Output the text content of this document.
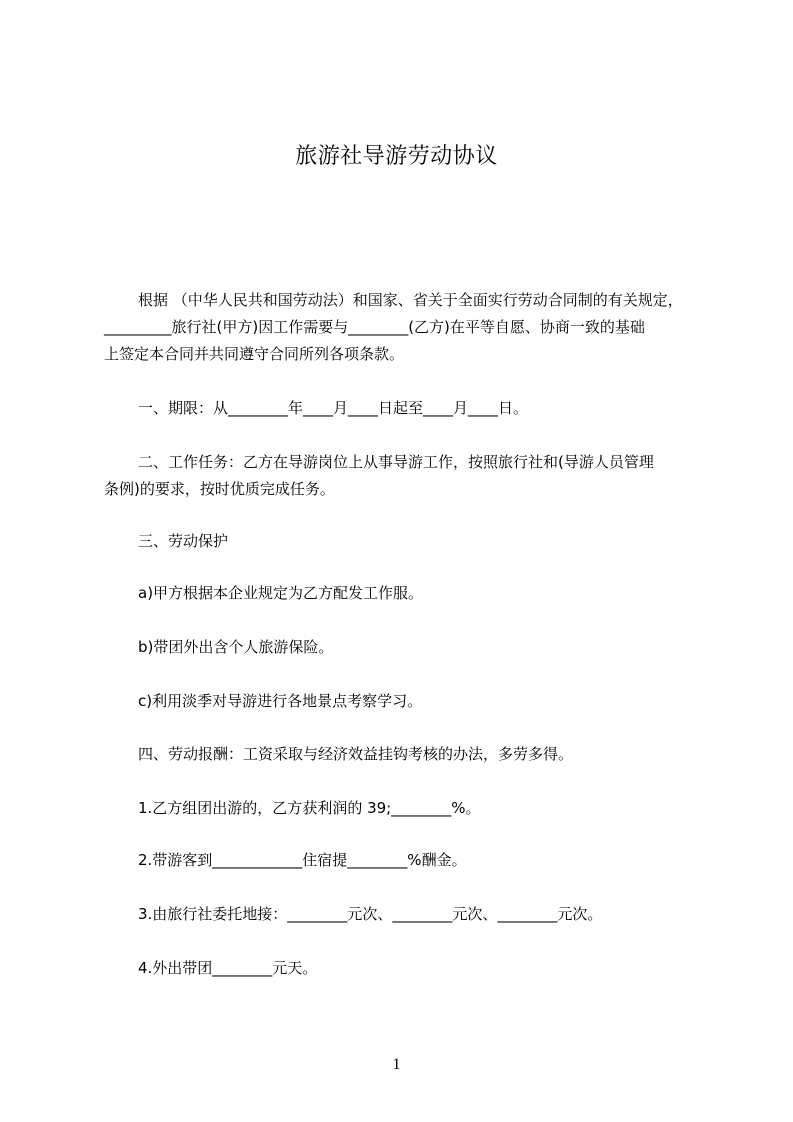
旅游社导游劳动协议
根据 （中华人民共和国劳动法）和国家、省关于全面实行劳动合同制的有关规定，
_________旅行社(甲方)因工作需要与________(乙方)在平等自愿、协商一致的基础
上签定本合同并共同遵守合同所列各项条款。
一、期限：从________年____月____日起至____月____日。
二、工作任务：乙方在导游岗位上从事导游工作，按照旅行社和(导游人员管理
条例)的要求，按时优质完成任务。
三、劳动保护
a)甲方根据本企业规定为乙方配发工作服。
b)带团外出含个人旅游保险。
c)利用淡季对导游进行各地景点考察学习。
四、劳动报酬：工资采取与经济效益挂钩考核的办法，多劳多得。
1.乙方组团出游的，乙方获利润的 39;________%。
2.带游客到____________住宿提________%酬金。
3.由旅行社委托地接：________元次、________元次、________元次。
4.外出带团________元天。
1
